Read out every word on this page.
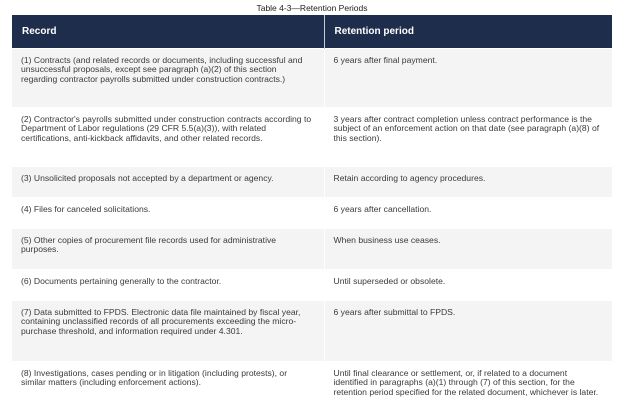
Table 4-3—Retention Periods
Record	Retention period
(1) Contracts (and related records or documents, including successful and unsuccessful proposals, except see paragraph (a)(2) of this section regarding contractor payrolls submitted under construction contracts.)	6 years after final payment.
(2) Contractor's payrolls submitted under construction contracts according to Department of Labor regulations (29 CFR 5.5(a)(3)), with related certifications, anti-kickback affidavits, and other related records.	3 years after contract completion unless contract performance is the subject of an enforcement action on that date (see paragraph (a)(8) of this section).
(3) Unsolicited proposals not accepted by a department or agency.	Retain according to agency procedures.
(4) Files for canceled solicitations.	6 years after cancellation.
(5) Other copies of procurement file records used for administrative purposes.	When business use ceases.
(6) Documents pertaining generally to the contractor.	Until superseded or obsolete.
(7) Data submitted to FPDS. Electronic data file maintained by fiscal year, containing unclassified records of all procurements exceeding the micro-purchase threshold, and information required under 4.301.	6 years after submittal to FPDS.
(8) Investigations, cases pending or in litigation (including protests), or similar matters (including enforcement actions).	Until final clearance or settlement, or, if related to a document identified in paragraphs (a)(1) through (7) of this section, for the retention period specified for the related document, whichever is later.
